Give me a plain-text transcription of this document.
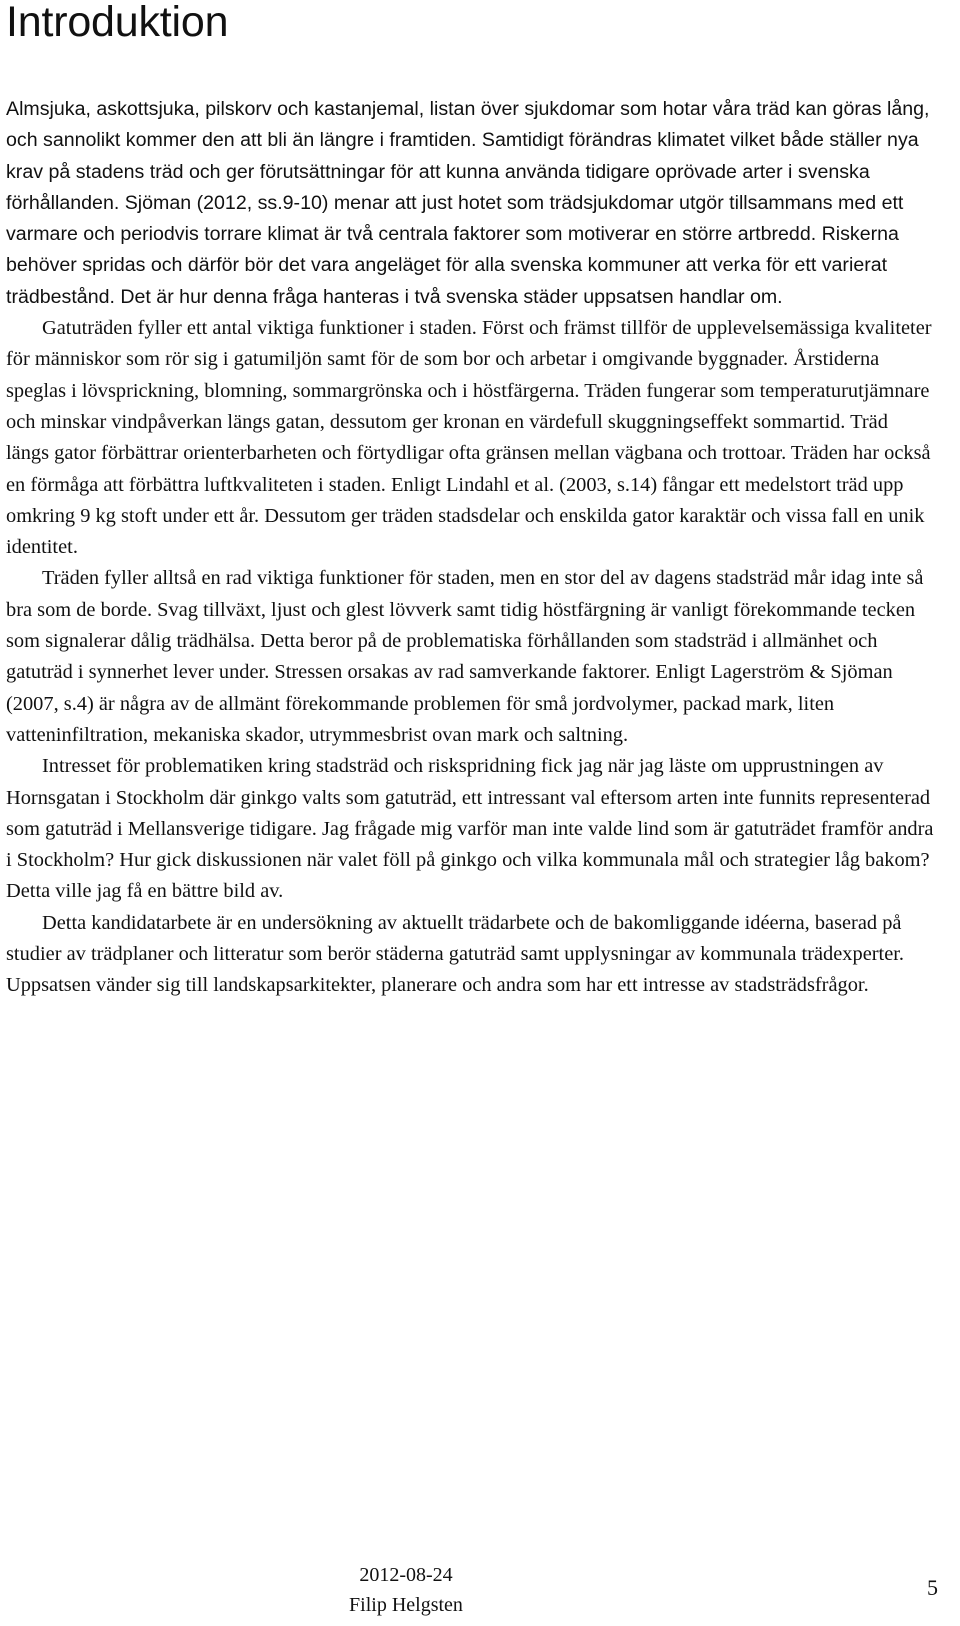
Introduktion

Almsjuka, askottsjuka, pilskorv och kastanjemal, listan över sjukdomar som hotar våra träd kan göras lång, och sannolikt kommer den att bli än längre i framtiden. Samtidigt förändras klimatet vilket både ställer nya krav på stadens träd och ger förutsättningar för att kunna använda tidigare oprövade arter i svenska förhållanden. Sjöman (2012, ss.9-10) menar att just hotet som trädsjukdomar utgör tillsammans med ett varmare och periodvis torrare klimat är två centrala faktorer som motiverar en större artbredd. Riskerna behöver spridas och därför bör det vara angeläget för alla svenska kommuner att verka för ett varierat trädbestånd. Det är hur denna fråga hanteras i två svenska städer uppsatsen handlar om.

Gatuträden fyller ett antal viktiga funktioner i staden. Först och främst tillför de upplevelsemässiga kvaliteter för människor som rör sig i gatumiljön samt för de som bor och arbetar i omgivande byggnader. Årstiderna speglas i lövsprickning, blomning, sommargrönska och i höstfärgerna. Träden fungerar som temperaturutjämnare och minskar vindpåverkan längs gatan, dessutom ger kronan en värdefull skuggningseffekt sommartid. Träd längs gator förbättrar orienterbarheten och förtydligar ofta gränsen mellan vägbana och trottoar. Träden har också en förmåga att förbättra luftkvaliteten i staden. Enligt Lindahl et al. (2003, s.14) fångar ett medelstort träd upp omkring 9 kg stoft under ett år. Dessutom ger träden stadsdelar och enskilda gator karaktär och vissa fall en unik identitet.

Träden fyller alltså en rad viktiga funktioner för staden, men en stor del av dagens stadsträd mår idag inte så bra som de borde. Svag tillväxt, ljust och glest lövverk samt tidig höstfärgning är vanligt förekommande tecken som signalerar dålig trädhälsa. Detta beror på de problematiska förhållanden som stadsträd i allmänhet och gatuträd i synnerhet lever under. Stressen orsakas av rad samverkande faktorer. Enligt Lagerström & Sjöman (2007, s.4) är några av de allmänt förekommande problemen för små jordvolymer, packad mark, liten vatteninfiltration, mekaniska skador, utrymmesbrist ovan mark och saltning.

Intresset för problematiken kring stadsträd och riskspridning fick jag när jag läste om upprustningen av Hornsgatan i Stockholm där ginkgo valts som gatuträd, ett intressant val eftersom arten inte funnits representerad som gatuträd i Mellansverige tidigare. Jag frågade mig varför man inte valde lind som är gatuträdet framför andra i Stockholm? Hur gick diskussionen när valet föll på ginkgo och vilka kommunala mål och strategier låg bakom? Detta ville jag få en bättre bild av.

Detta kandidatarbete är en undersökning av aktuellt trädarbete och de bakomliggande idéerna, baserad på studier av trädplaner och litteratur som berör städerna gatuträd samt upplysningar av kommunala trädexperter. Uppsatsen vänder sig till landskapsarkitekter, planerare och andra som har ett intresse av stadsträdsfrågor.

2012-08-24
Filip Helgsten
5
